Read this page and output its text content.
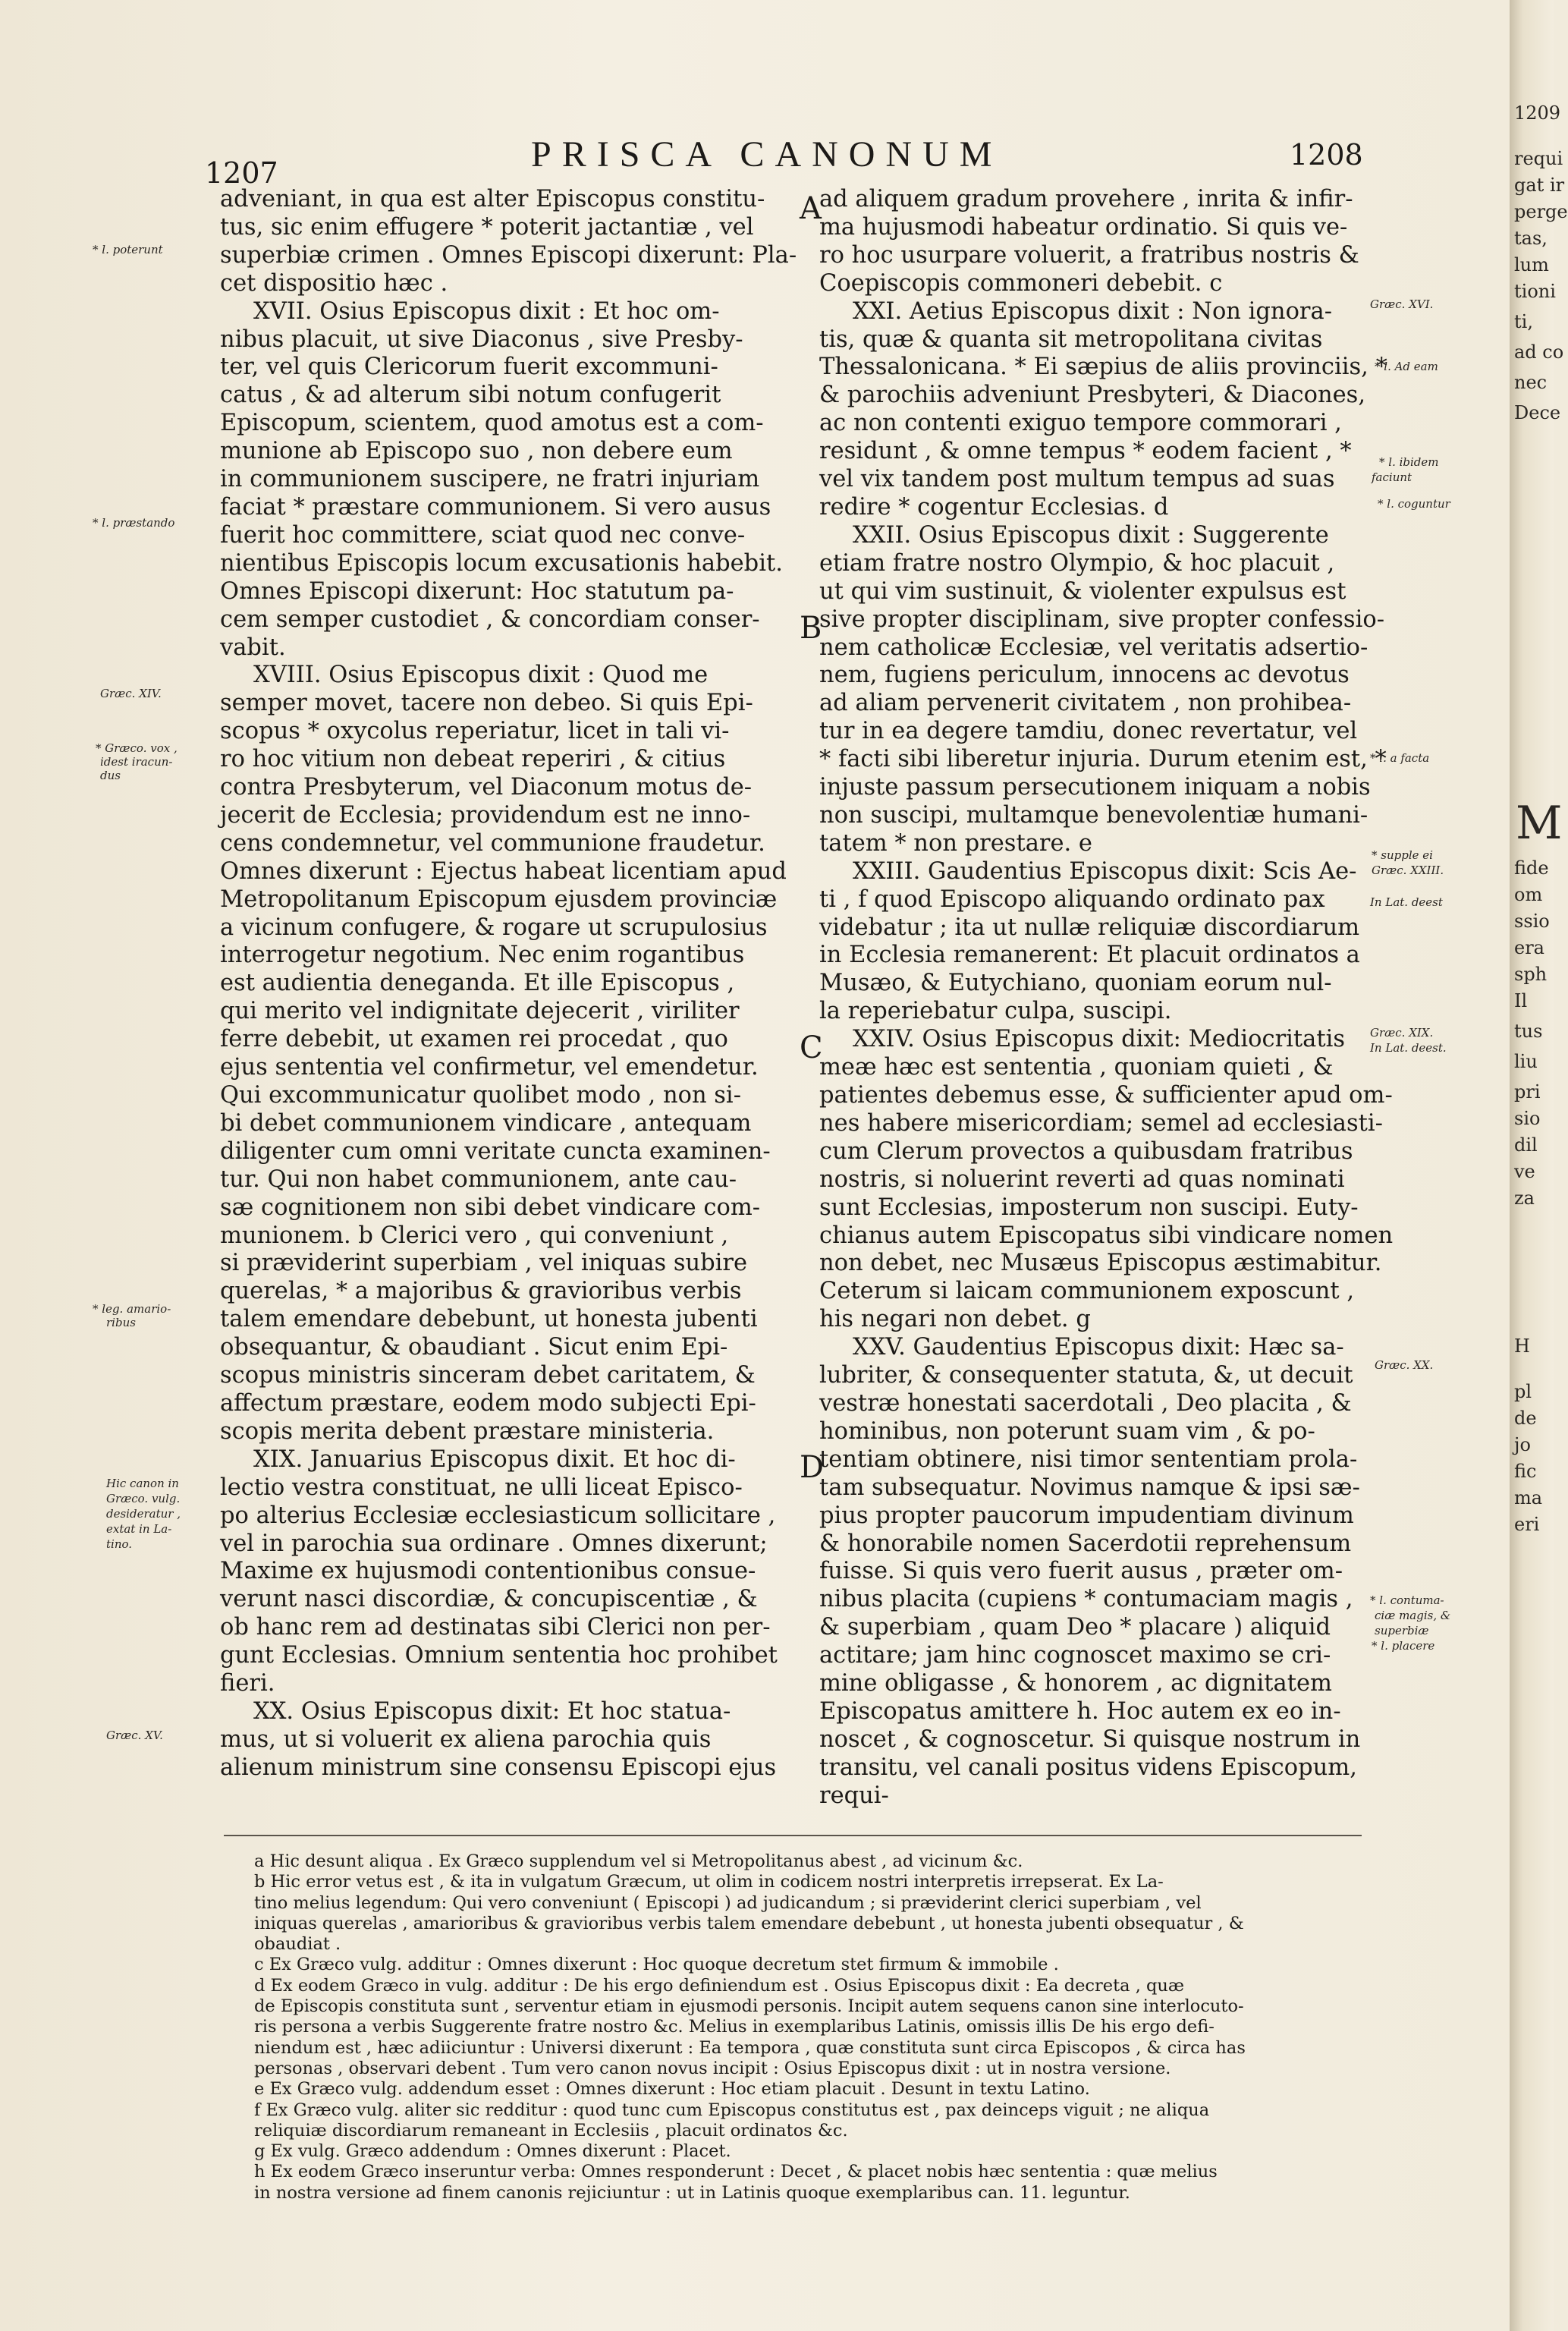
1207	PRISCA CANONUM	1208
adveniant, in qua est alter Episcopus constitu-
tus, sic enim effugere * poterit jactantiæ , vel
superbiæ crimen . Omnes Episcopi dixerunt: Pla-
cet dispositio hæc .
XVII. Osius Episcopus dixit : Et hoc om-
nibus placuit, ut sive Diaconus , sive Presby-
ter, vel quis Clericorum fuerit excommuni-
catus , & ad alterum sibi notum confugerit
Episcopum, scientem, quod amotus est a com-
munione ab Episcopo suo , non debere eum
in communionem suscipere, ne fratri injuriam
faciat * præstare communionem. Si vero ausus
fuerit hoc committere, sciat quod nec conve-
nientibus Episcopis locum excusationis habebit.
Omnes Episcopi dixerunt: Hoc statutum pa-
cem semper custodiet , & concordiam conser-
vabit.
XVIII. Osius Episcopus dixit : Quod me
semper movet, tacere non debeo. Si quis Epi-
scopus * oxycolus reperiatur, licet in tali vi-
ro hoc vitium non debeat reperiri , & citius
contra Presbyterum, vel Diaconum motus de-
jecerit de Ecclesia; providendum est ne inno-
cens condemnetur, vel communione fraudetur.
Omnes dixerunt : Ejectus habeat licentiam apud
Metropolitanum Episcopum ejusdem provinciæ
a vicinum confugere, & rogare ut scrupulosius
interrogetur negotium. Nec enim rogantibus
est audientia deneganda. Et ille Episcopus ,
qui merito vel indignitate dejecerit , viriliter
ferre debebit, ut examen rei procedat , quo
ejus sententia vel confirmetur, vel emendetur.
Qui excommunicatur quolibet modo , non si-
bi debet communionem vindicare , antequam
diligenter cum omni veritate cuncta examinen-
tur. Qui non habet communionem, ante cau-
sæ cognitionem non sibi debet vindicare com-
munionem. b Clerici vero , qui conveniunt ,
si præviderint superbiam , vel iniquas subire
querelas, * a majoribus & gravioribus verbis
talem emendare debebunt, ut honesta jubenti
obsequantur, & obaudiant . Sicut enim Epi-
scopus ministris sinceram debet caritatem, &
affectum præstare, eodem modo subjecti Epi-
scopis merita debent præstare ministeria.
XIX. Januarius Episcopus dixit. Et hoc di-
lectio vestra constituat, ne ulli liceat Episco-
po alterius Ecclesiæ ecclesiasticum sollicitare ,
vel in parochia sua ordinare . Omnes dixerunt;
Maxime ex hujusmodi contentionibus consue-
verunt nasci discordiæ, & concupiscentiæ , &
ob hanc rem ad destinatas sibi Clerici non per-
gunt Ecclesias. Omnium sententia hoc prohibet
fieri.
XX. Osius Episcopus dixit: Et hoc statua-
mus, ut si voluerit ex aliena parochia quis
alienum ministrum sine consensu Episcopi ejus
ad aliquem gradum provehere , inrita & infir-
ma hujusmodi habeatur ordinatio. Si quis ve-
ro hoc usurpare voluerit, a fratribus nostris &
Coepiscopis commoneri debebit. c
XXI. Aetius Episcopus dixit : Non ignora-
tis, quæ & quanta sit metropolitana civitas
Thessalonicana. * Ei sæpius de aliis provinciis, *
& parochiis adveniunt Presbyteri, & Diacones,
ac non contenti exiguo tempore commorari ,
residunt , & omne tempus * eodem facient , *
vel vix tandem post multum tempus ad suas
redire * cogentur Ecclesias. d
XXII. Osius Episcopus dixit : Suggerente
etiam fratre nostro Olympio, & hoc placuit ,
ut qui vim sustinuit, & violenter expulsus est
sive propter disciplinam, sive propter confessio-
nem catholicæ Ecclesiæ, vel veritatis adsertio-
nem, fugiens periculum, innocens ac devotus
ad aliam pervenerit civitatem , non prohibea-
tur in ea degere tamdiu, donec revertatur, vel
* facti sibi liberetur injuria. Durum etenim est, *
injuste passum persecutionem iniquam a nobis
non suscipi, multamque benevolentiæ humani-
tatem * non prestare. e
XXIII. Gaudentius Episcopus dixit: Scis Ae-
ti , f quod Episcopo aliquando ordinato pax
videbatur ; ita ut nullæ reliquiæ discordiarum
in Ecclesia remanerent: Et placuit ordinatos a
Musæo, & Eutychiano, quoniam eorum nul-
la reperiebatur culpa, suscipi.
XXIV. Osius Episcopus dixit: Mediocritatis
meæ hæc est sententia , quoniam quieti , &
patientes debemus esse, & sufficienter apud om-
nes habere misericordiam; semel ad ecclesiasti-
cum Clerum provectos a quibusdam fratribus
nostris, si noluerint reverti ad quas nominati
sunt Ecclesias, imposterum non suscipi. Euty-
chianus autem Episcopatus sibi vindicare nomen
non debet, nec Musæus Episcopus æstimabitur.
Ceterum si laicam communionem exposcunt ,
his negari non debet. g
XXV. Gaudentius Episcopus dixit: Hæc sa-
lubriter, & consequenter statuta, &, ut decuit
vestræ honestati sacerdotali , Deo placita , &
hominibus, non poterunt suam vim , & po-
tentiam obtinere, nisi timor sententiam prola-
tam subsequatur. Novimus namque & ipsi sæ-
pius propter paucorum impudentiam divinum
& honorabile nomen Sacerdotii reprehensum
fuisse. Si quis vero fuerit ausus , præter om-
nibus placita (cupiens * contumaciam magis ,
& superbiam , quam Deo * placare ) aliquid
actitare; jam hinc cognoscet maximo se cri-
mine obligasse , & honorem , ac dignitatem
Episcopatus amittere h. Hoc autem ex eo in-
noscet , & cognoscetur. Si quisque nostrum in
transitu, vel canali positus videns Episcopum,
requi-
A
B
C
D
* l. poterunt
* l. præstando
Græc. XIV.
* Græco. vox ,
idest iracun-
dus
* leg. amario-
ribus
Hic canon in
Græco. vulg.
desideratur ,
extat in La-
tino.
Græc. XV.
Græc. XVI.
* l. Ad eam
* l. ibidem
faciunt
* l. coguntur
* l. a facta
* supple ei
Græc. XXIII.
In Lat. deest
Græc. XIX.
In Lat. deest.
Græc. XX.
* l. contuma-
ciæ magis, &
superbiæ
* l. placere
a Hic desunt aliqua . Ex Græco supplendum vel si Metropolitanus abest , ad vicinum &c.
b Hic error vetus est , & ita in vulgatum Græcum, ut olim in codicem nostri interpretis irrepserat. Ex La-
tino melius legendum: Qui vero conveniunt ( Episcopi ) ad judicandum ; si præviderint clerici superbiam , vel
iniquas querelas , amarioribus & gravioribus verbis talem emendare debebunt , ut honesta jubenti obsequatur , &
obaudiat .
c Ex Græco vulg. additur : Omnes dixerunt : Hoc quoque decretum stet firmum & immobile .
d Ex eodem Græco in vulg. additur : De his ergo definiendum est . Osius Episcopus dixit : Ea decreta , quæ
de Episcopis constituta sunt , serventur etiam in ejusmodi personis. Incipit autem sequens canon sine interlocuto-
ris persona a verbis Suggerente fratre nostro &c. Melius in exemplaribus Latinis, omissis illis De his ergo defi-
niendum est , hæc adiiciuntur : Universi dixerunt : Ea tempora , quæ constituta sunt circa Episcopos , & circa has
personas , observari debent . Tum vero canon novus incipit : Osius Episcopus dixit : ut in nostra versione.
e Ex Græco vulg. addendum esset : Omnes dixerunt : Hoc etiam placuit . Desunt in textu Latino.
f Ex Græco vulg. aliter sic redditur : quod tunc cum Episcopus constitutus est , pax deinceps viguit ; ne aliqua
reliquiæ discordiarum remaneant in Ecclesiis , placuit ordinatos &c.
g Ex vulg. Græco addendum : Omnes dixerunt : Placet.
h Ex eodem Græco inseruntur verba: Omnes responderunt : Decet , & placet nobis hæc sententia : quæ melius
in nostra versione ad finem canonis rejiciuntur : ut in Latinis quoque exemplaribus can. 11. leguntur.
1209
requi
gat ir
perge
tas,
lum
tioni
ti,
ad co
nec
Dece
M
fide
om
ssio
era
sph
Il
tus
liu
pri
sio
dil
ve
za
H
pl
de
jo
fic
ma
eri
